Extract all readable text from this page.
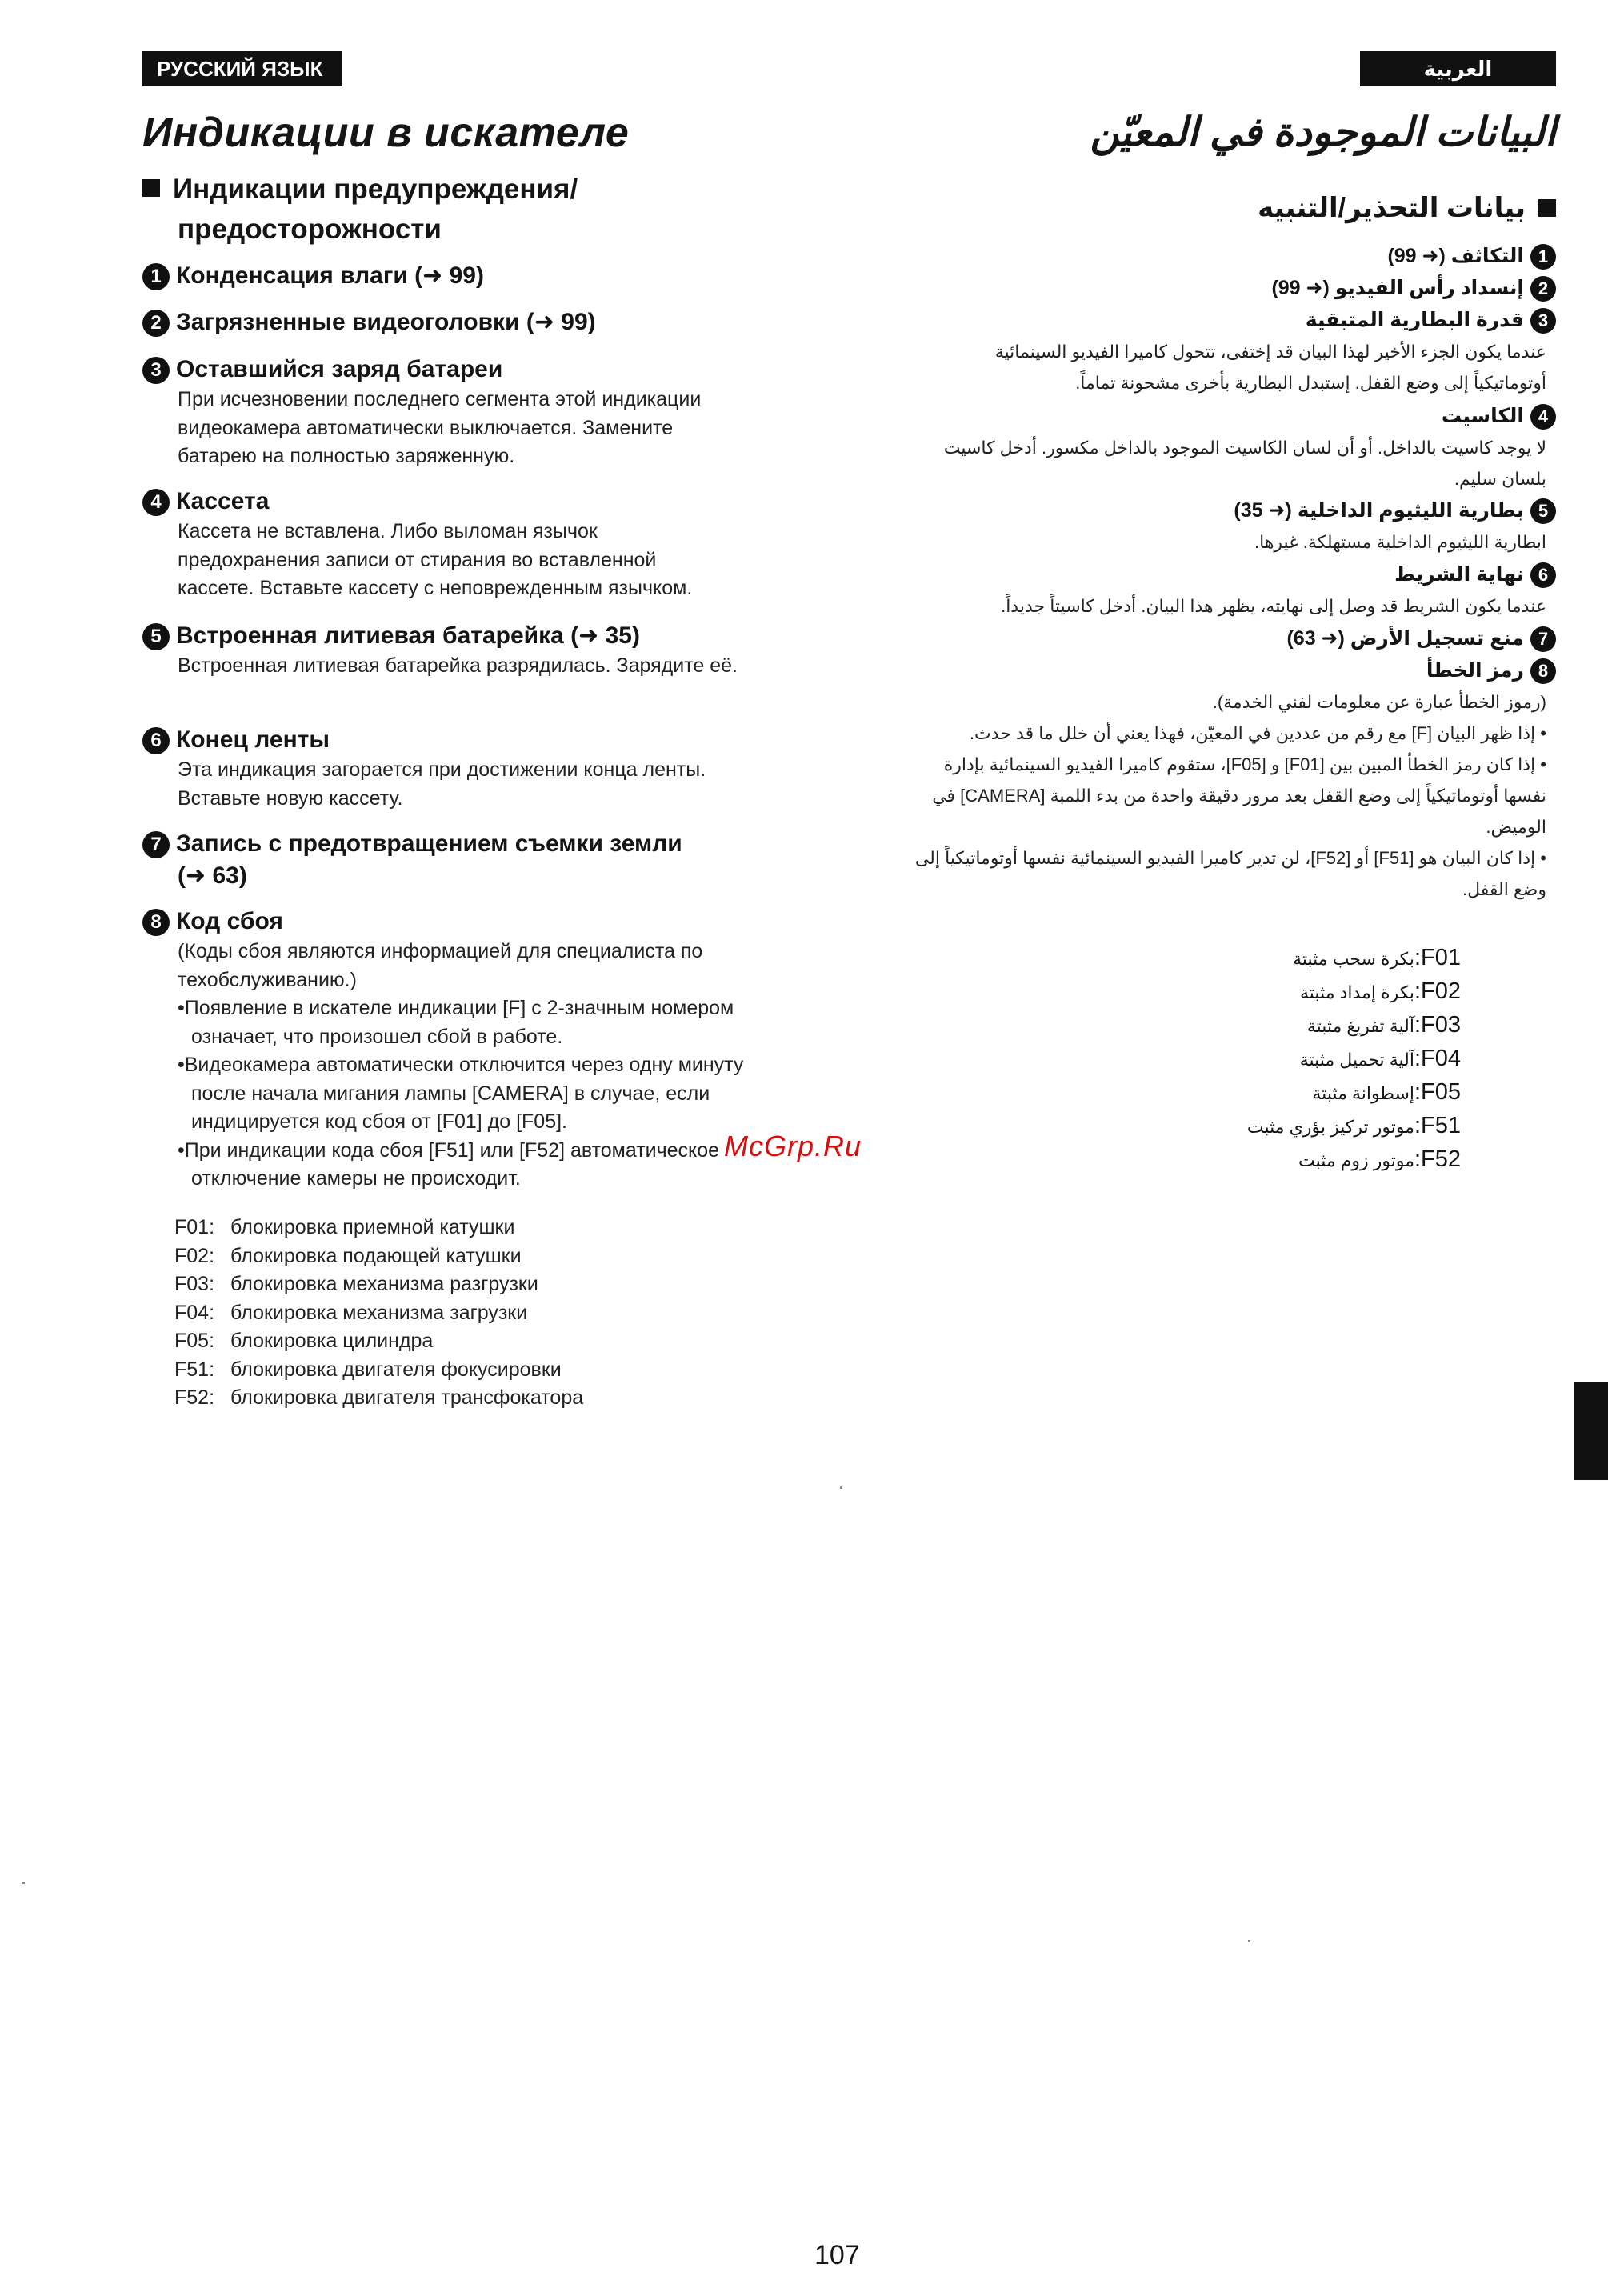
РУССКИЙ ЯЗЫК	العربية
Индикации в искателе	البيانات الموجودة في المعيّن
Индикации предупреждения/
предосторожности
بيانات التحذير/التنبيه
1 Конденсация влаги (➜ 99)
2 Загрязненные видеоголовки (➜ 99)
3 Оставшийся заряд батареи
При исчезновении последнего сегмента этой индикации видеокамера автоматически выключается. Замените батарею на полностью заряженную.
4 Кассета
Кассета не вставлена. Либо выломан язычок предохранения записи от стирания во вставленной кассете. Вставьте кассету с неповрежденным язычком.
5 Встроенная литиевая батарейка (➜ 35)
Встроенная литиевая батарейка разрядилась. Зарядите её.
6 Конец ленты
Эта индикация загорается при достижении конца ленты. Вставьте новую кассету.
7 Запись с предотвращением съемки земли
(➜ 63)
8 Код сбоя
(Коды сбоя являются информацией для специалиста по техобслуживанию.)
•Появление в искателе индикации [F] с 2-значным номером означает, что произошел сбой в работе.
•Видеокамера автоматически отключится через одну минуту после начала мигания лампы [CAMERA] в случае, если индицируется код сбоя от [F01] до [F05].
•При индикации кода сбоя [F51] или [F52] автоматическое отключение камеры не происходит.
F01: блокировка приемной катушки
F02: блокировка подающей катушки
F03: блокировка механизма разгрузки
F04: блокировка механизма загрузки
F05: блокировка цилиндра
F51: блокировка двигателя фокусировки
F52: блокировка двигателя трансфокатора
1التكاثف (➜ 99)
2إنسداد رأس الفيديو (➜ 99)
3قدرة البطارية المتبقية
عندما يكون الجزء الأخير لهذا البيان قد إختفى، تتحول كاميرا الفيديو السينمائية أوتوماتيكياً إلى وضع القفل. إستبدل البطارية بأخرى مشحونة تماماً.
4الكاسيت
لا يوجد كاسيت بالداخل. أو أن لسان الكاسيت الموجود بالداخل مكسور. أدخل كاسيت بلسان سليم.
5بطارية الليثيوم الداخلية (➜ 35)
ابطارية الليثيوم الداخلية مستهلكة. غيرها.
6نهاية الشريط
عندما يكون الشريط قد وصل إلى نهايته، يظهر هذا البيان. أدخل كاسيتاً جديداً.
7منع تسجيل الأرض (➜ 63)
8رمز الخطأ
(رموز الخطأ عبارة عن معلومات لفني الخدمة).
• إذا ظهر البيان [F] مع رقم من عددين في المعيّن، فهذا يعني أن خلل ما قد حدث.
• إذا كان رمز الخطأ المبين بين [F01] و [F05]، ستقوم كاميرا الفيديو السينمائية بإدارة نفسها أوتوماتيكياً إلى وضع القفل بعد مرور دقيقة واحدة من بدء اللمبة [CAMERA] في الوميض.
• إذا كان البيان هو [F51] أو [F52]، لن تدير كاميرا الفيديو السينمائية نفسها أوتوماتيكياً إلى وضع القفل.
:F01بكرة سحب مثبتة
:F02بكرة إمداد مثبتة
:F03آلية تفريغ مثبتة
:F04آلية تحميل مثبتة
:F05إسطوانة مثبتة
:F51موتور تركيز بؤري مثبت
:F52موتور زوم مثبت
McGrp.Ru
107
